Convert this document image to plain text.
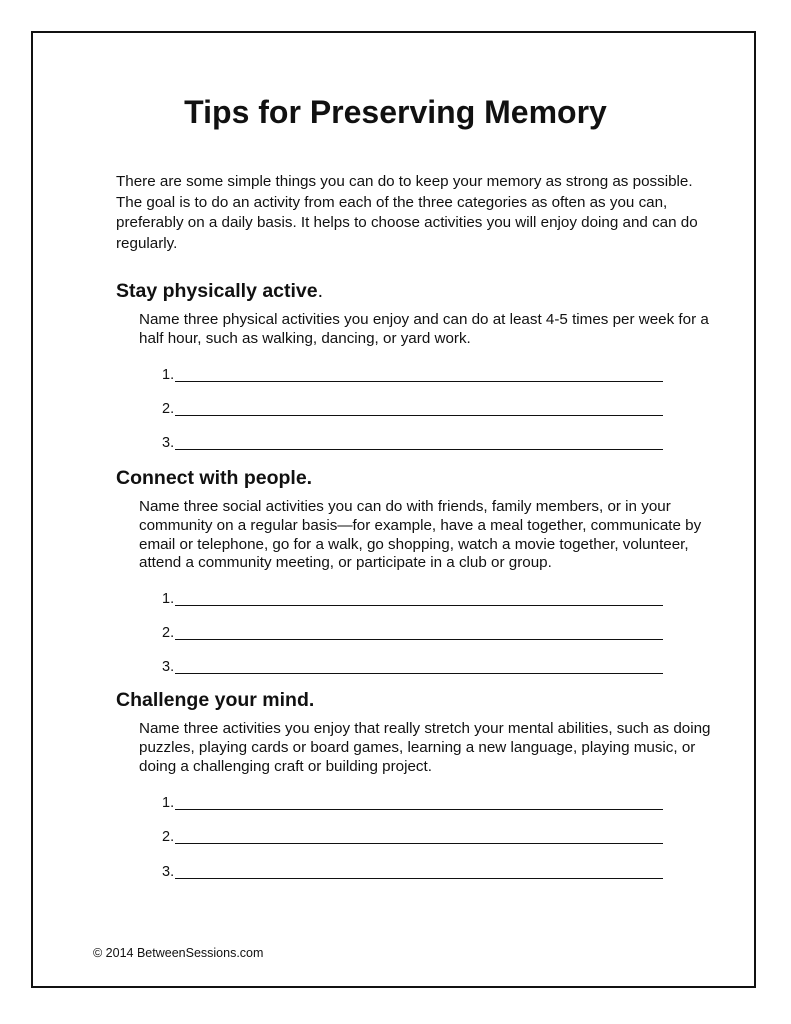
Tips for Preserving Memory
There are some simple things you can do to keep your memory as strong as possible. The goal is to do an activity from each of the three categories as often as you can, preferably on a daily basis. It helps to choose activities you will enjoy doing and can do regularly.
Stay physically active.
Name three physical activities you enjoy and can do at least 4-5 times per week for a half hour, such as walking, dancing, or yard work.
1.
2.
3.
Connect with people.
Name three social activities you can do with friends, family members, or in your community on a regular basis—for example, have a meal together, communicate by email or telephone, go for a walk, go shopping, watch a movie together, volunteer, attend a community meeting, or participate in a club or group.
1.
2.
3.
Challenge your mind.
Name three activities you enjoy that really stretch your mental abilities, such as doing puzzles, playing cards or board games, learning a new language, playing music, or doing a challenging craft or building project.
1.
2.
3.
© 2014 BetweenSessions.com
